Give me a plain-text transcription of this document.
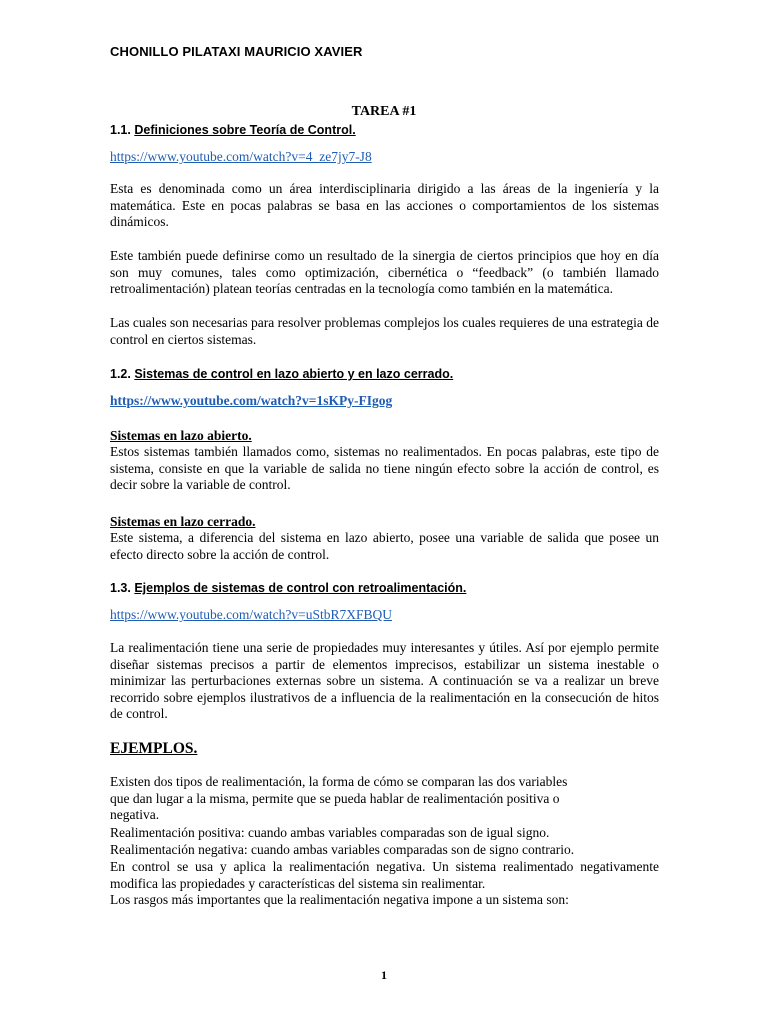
CHONILLO PILATAXI MAURICIO XAVIER
TAREA #1
1.1. Definiciones sobre Teoría de Control.
https://www.youtube.com/watch?v=4_ze7jy7-J8

Esta es denominada como un área interdisciplinaria dirigido a las áreas de la ingeniería y la matemática. Este en pocas palabras se basa en las acciones o comportamientos de los sistemas dinámicos.

Este también puede definirse como un resultado de la sinergia de ciertos principios que hoy en día son muy comunes, tales como optimización, cibernética o “feedback” (o también llamado retroalimentación) platean teorías centradas en la tecnología como también en la matemática.

Las cuales son necesarias para resolver problemas complejos los cuales requieres de una estrategia de control en ciertos sistemas.

1.2. Sistemas de control en lazo abierto y en lazo cerrado.
https://www.youtube.com/watch?v=1sKPy-FIgog
Sistemas en lazo abierto.

Estos sistemas también llamados como, sistemas no realimentados. En pocas palabras, este tipo de sistema, consiste en que la variable de salida no tiene ningún efecto sobre la acción de control, es decir sobre la variable de control.

Sistemas en lazo cerrado.

Este sistema, a diferencia del sistema en lazo abierto, posee una variable de salida que posee un efecto directo sobre la acción de control.

1.3. Ejemplos de sistemas de control con retroalimentación.
https://www.youtube.com/watch?v=uStbR7XFBQU

La realimentación tiene una serie de propiedades muy interesantes y útiles. Así por ejemplo permite diseñar sistemas precisos a partir de elementos imprecisos, estabilizar un sistema inestable o minimizar las perturbaciones externas sobre un sistema. A continuación se va a realizar un breve recorrido sobre ejemplos ilustrativos de a influencia de la realimentación en la consecución de hitos de control.

EJEMPLOS.
Existen dos tipos de realimentación, la forma de cómo se comparan las dos variables
que dan lugar a la misma, permite que se pueda hablar de realimentación positiva o
negativa.

Realimentación positiva: cuando ambas variables comparadas son de igual signo.

Realimentación negativa: cuando ambas variables comparadas son de signo contrario.

En control se usa y aplica la realimentación negativa. Un sistema realimentado negativamente modifica las propiedades y características del sistema sin realimentar.

Los rasgos más importantes que la realimentación negativa impone a un sistema son:

1
